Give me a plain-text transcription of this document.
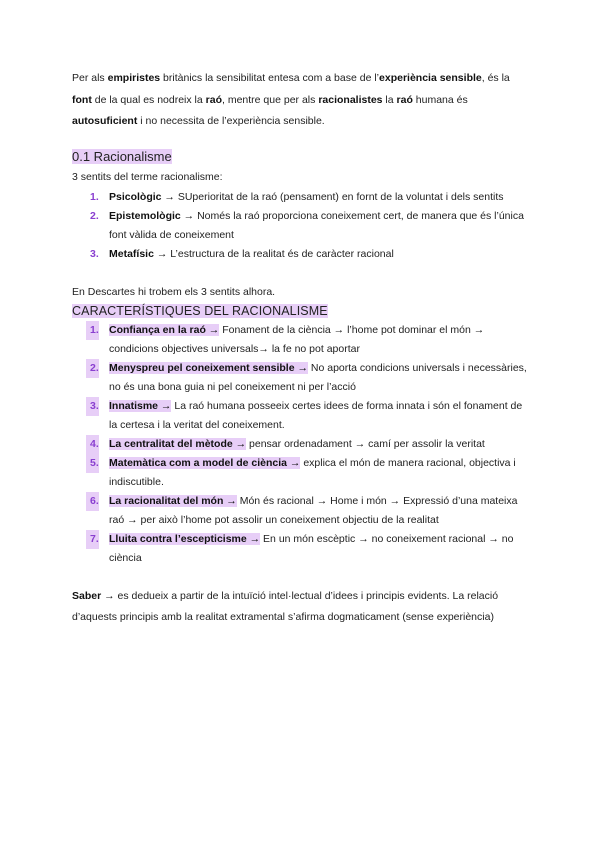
Per als empiristes britànics la sensibilitat entesa com a base de l’experiència sensible, és la font de la qual es nodreix la raó, mentre que per als racionalistes la raó humana és autosuficient i no necessita de l’experiència sensible.

0.1 Racionalisme

3 sentits del terme racionalisme:

1. Psicològic → SUperioritat de la raó (pensament) en fornt de la voluntat i dels sentits
2. Epistemològic → Només la raó proporciona coneixement cert, de manera que és l’única font vàlida de coneixement
3. Metafísic → L’estructura de la realitat és de caràcter racional

En Descartes hi trobem els 3 sentits alhora.

CARACTERÍSTIQUES DEL RACIONALISME
1. Confiança en la raó → Fonament de la ciència → l’home pot dominar el món → condicions objectives universals→ la fe no pot aportar
2. Menyspreu pel coneixement sensible → No aporta condicions universals i necessàries, no és una bona guia ni pel coneixement ni per l’acció
3. Innatisme → La raó humana posseeix certes idees de forma innata i són el fonament de la certesa i la veritat del coneixement.
4. La centralitat del mètode → pensar ordenadament → camí per assolir la veritat
5. Matemàtica com a model de ciència → explica el món de manera racional, objectiva i indiscutible.
6. La racionalitat del món → Món és racional → Home i món → Expressió d’una mateixa raó → per això l’home pot assolir un coneixement objectiu de la realitat
7. Lluita contra l’escepticisme → En un món escèptic → no coneixement racional → no ciència

Saber → es dedueix a partir de la intuïció intel·lectual d’idees i principis evidents. La relació d’aquests principis amb la realitat extramental s’afirma dogmaticament (sense experiència)
